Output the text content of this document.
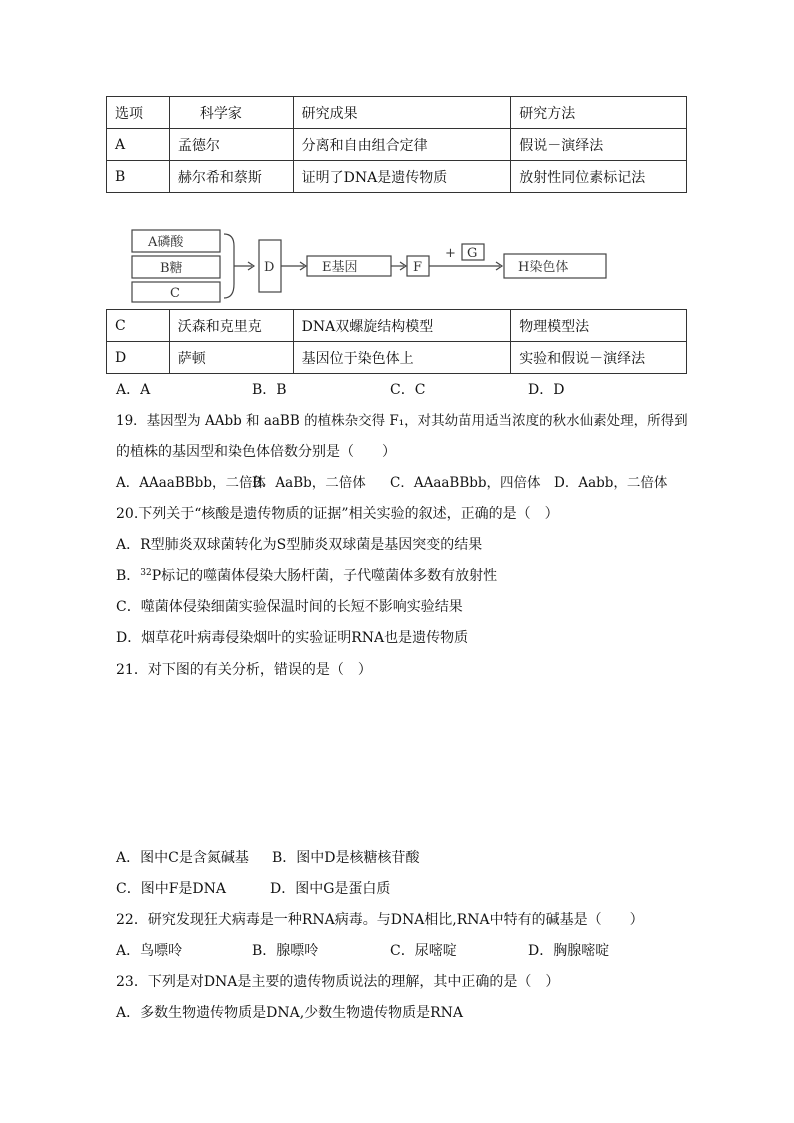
选项	科学家	研究成果	研究方法
A	孟德尔	分离和自由组合定律	假说－演绎法
B	赫尔希和蔡斯	证明了DNA是遗传物质	放射性同位素标记法
A磷酸
B糖
C
D	E基因	F
+ G
H染色体
C	沃森和克里克	DNA双螺旋结构模型	物理模型法
D	萨顿	基因位于染色体上	实验和假说－演绎法
A．A	B．B	C．C	D．D
19．基因型为 AAbb 和 aaBB 的植株杂交得 F₁，对其幼苗用适当浓度的秋水仙素处理，所得到
的植株的基因型和染色体倍数分别是（　　）
A．AAaaBBbb，二倍体
B．AaBb，二倍体 C．AAaaBBbb，四倍体 D．Aabb，二倍体
20.下列关于“核酸是遗传物质的证据”相关实验的叙述，正确的是（　）
A．R型肺炎双球菌转化为S型肺炎双球菌是基因突变的结果
B．$^{32}$P标记的噬菌体侵染大肠杆菌，子代噬菌体多数有放射性
C．噬菌体侵染细菌实验保温时间的长短不影响实验结果
D．烟草花叶病毒侵染烟叶的实验证明RNA也是遗传物质
21．对下图的有关分析，错误的是（　）
A．图中C是含氮碱基 B．图中D是核糖核苷酸
C．图中F是DNA	D．图中G是蛋白质
22．研究发现狂犬病毒是一种RNA病毒。与DNA相比,RNA中特有的碱基是（　　）
A．鸟嘌呤	B．腺嘌呤	C．尿嘧啶	D．胸腺嘧啶
23．下列是对DNA是主要的遗传物质说法的理解，其中正确的是（　）
A．多数生物遗传物质是DNA,少数生物遗传物质是RNA
